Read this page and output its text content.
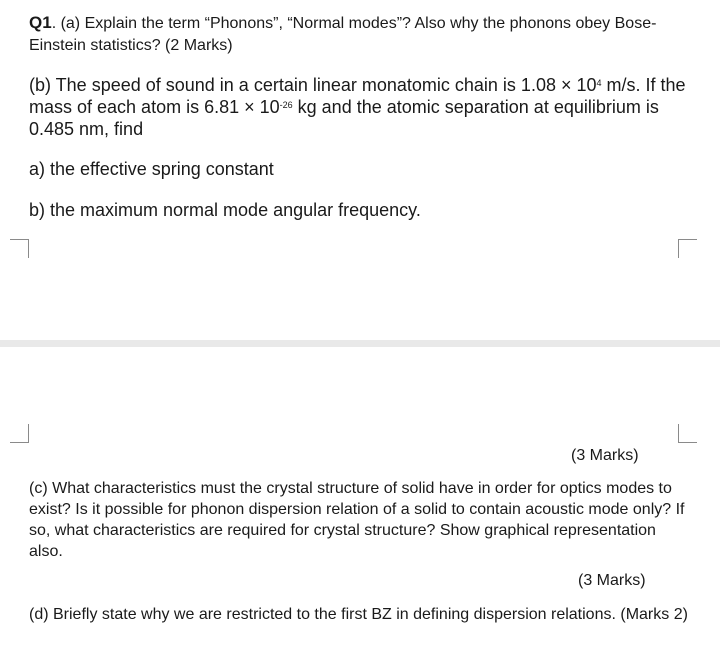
Q1. (a) Explain the term “Phonons”, “Normal modes”? Also why the phonons obey Bose-Einstein statistics? (2 Marks)

(b) The speed of sound in a certain linear monatomic chain is $1.08 \times 10^4$ m/s. If the mass of each atom is $6.81 \times 10^{-26}$ kg and the atomic separation at equilibrium is 0.485 nm, find

a) the effective spring constant

b) the maximum normal mode angular frequency.

(3 Marks)

(c) What characteristics must the crystal structure of solid have in order for optics modes to exist? Is it possible for phonon dispersion relation of a solid to contain acoustic mode only? If so, what characteristics are required for crystal structure? Show graphical representation also.

(3 Marks)

(d) Briefly state why we are restricted to the first BZ in defining dispersion relations. (Marks 2)
